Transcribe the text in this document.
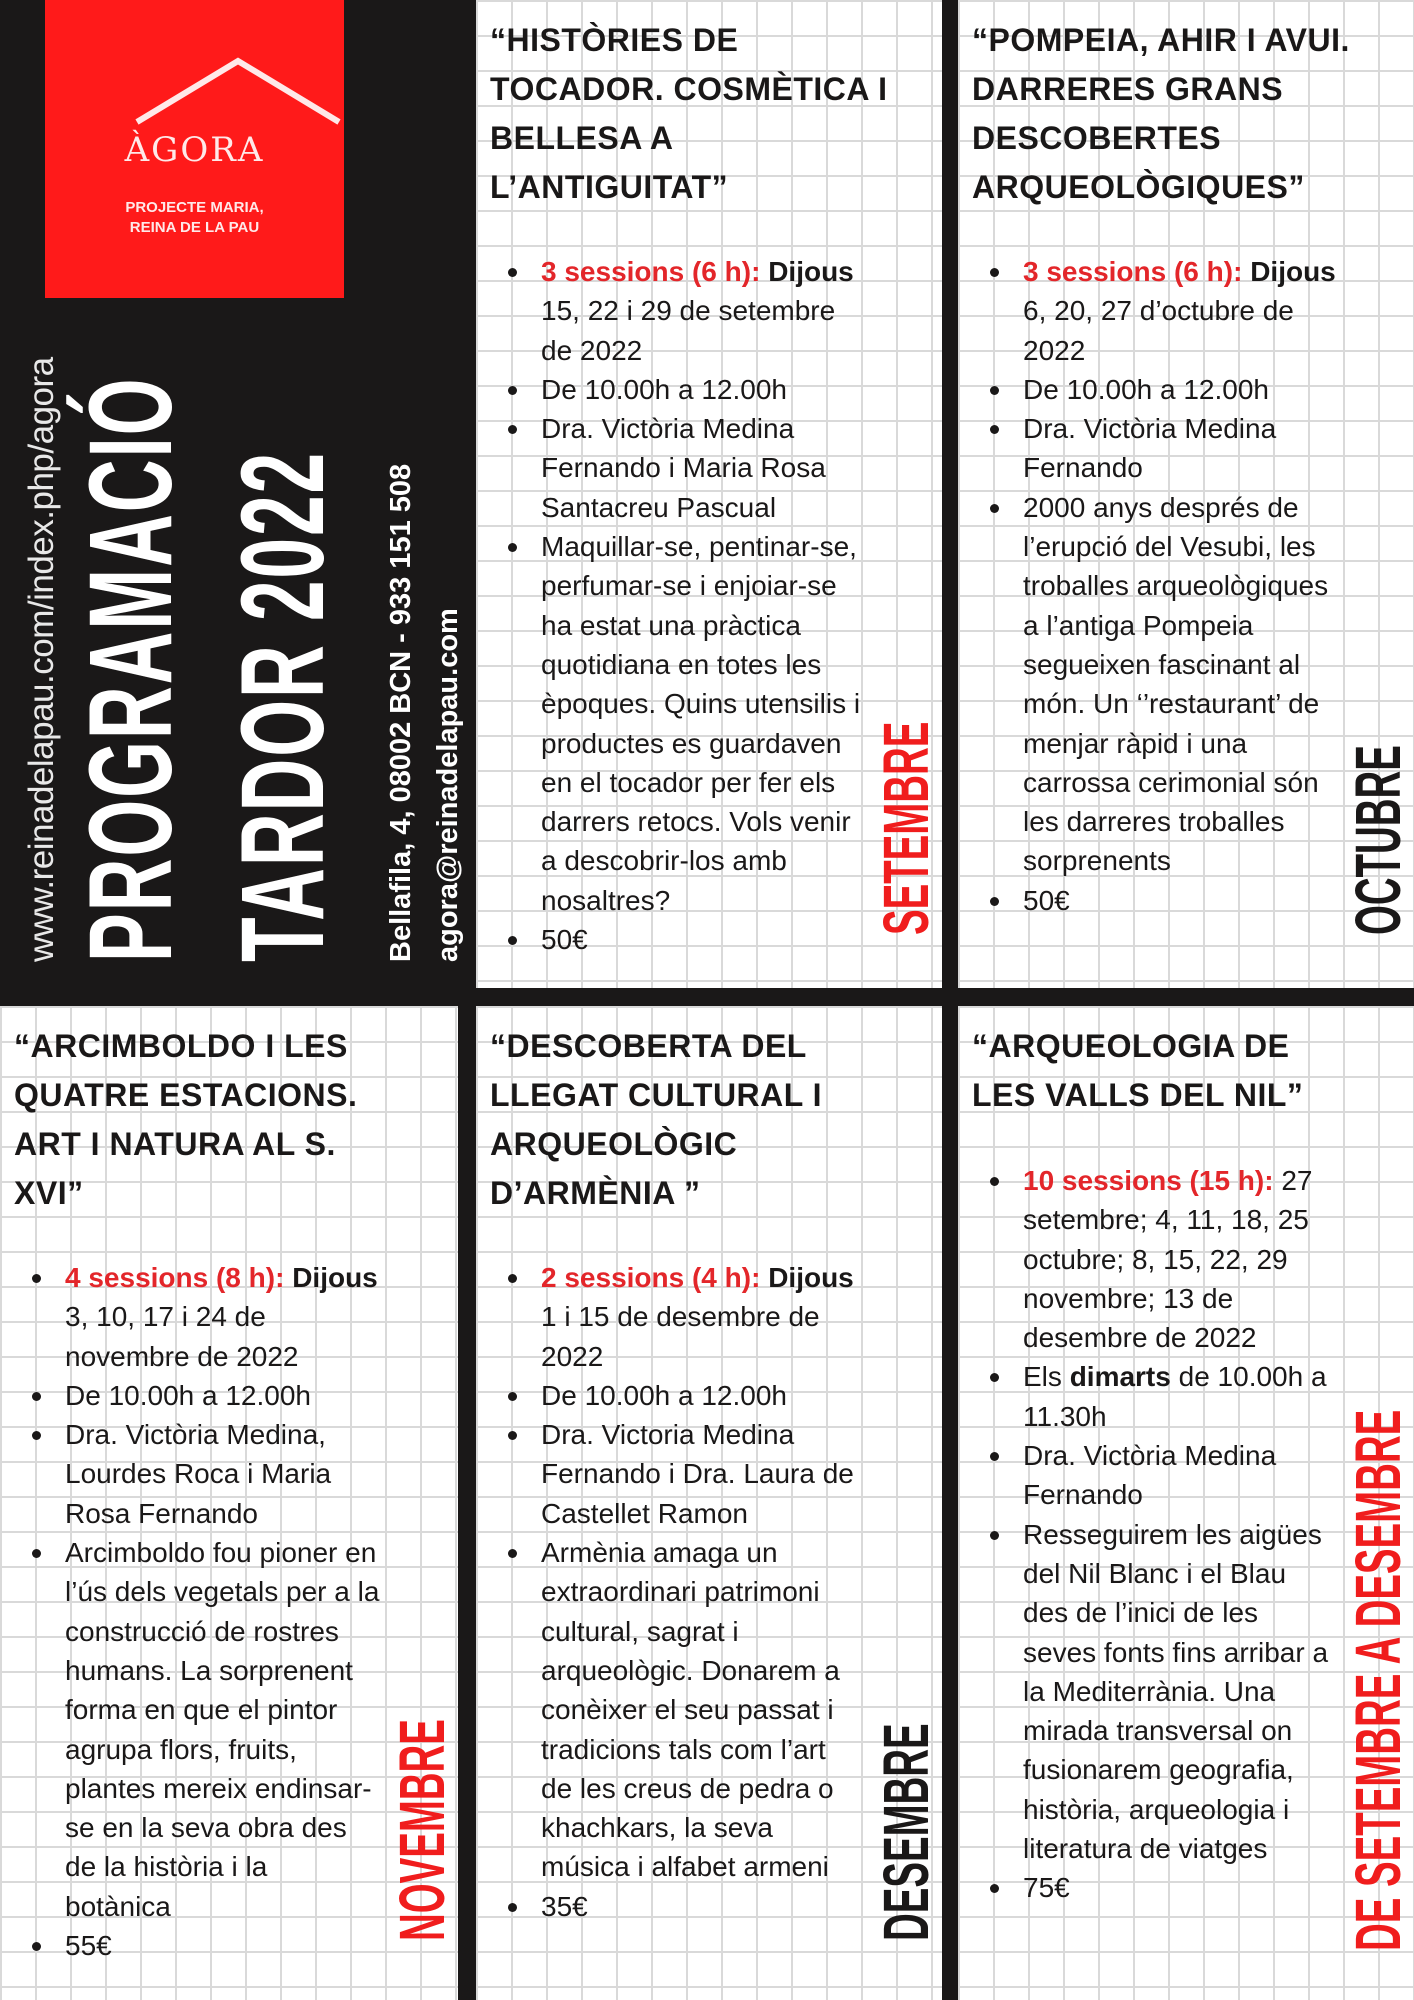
ÀGORA
PROJECTE MARIA,
REINA DE LA PAU
www.reinadelapau.com/index.php/agora PROGRAMACIÓ TARDOR 2022 Bellafila, 4, 08002 BCN - 933 151 508 agora@reinadelapau.com
“HISTÒRIES DE TOCADOR. COSMÈTICA I BELLESA A L’ANTIGUITAT”
3 sessions (6 h): Dijous 15, 22 i 29 de setembre de 2022
De 10.00h a 12.00h
Dra. Victòria Medina Fernando i Maria Rosa Santacreu Pascual
Maquillar-se, pentinar-se, perfumar-se i enjoiar-se ha estat una pràctica quotidiana en totes les èpoques. Quins utensilis i productes es guardaven en el tocador per fer els darrers retocs. Vols venir a descobrir-los amb nosaltres?
50€
SETEMBRE
“POMPEIA, AHIR I AVUI. DARRERES GRANS DESCOBERTES ARQUEOLÒGIQUES”
3 sessions (6 h): Dijous 6, 20, 27 d’octubre de 2022
De 10.00h a 12.00h
Dra. Victòria Medina Fernando
2000 anys després de l’erupció del Vesubi, les troballes arqueològiques a l’antiga Pompeia segueixen fascinant al món. Un ‘’restaurant’ de menjar ràpid i una carrossa cerimonial són les darreres troballes sorprenents
50€	OCTUBRE
“ARCIMBOLDO I LES QUATRE ESTACIONS. ART I NATURA AL S. XVI”
4 sessions (8 h): Dijous 3, 10, 17 i 24 de novembre de 2022
De 10.00h a 12.00h
Dra. Victòria Medina, Lourdes Roca i Maria Rosa Fernando
Arcimboldo fou pioner en l’ús dels vegetals per a la construcció de rostres humans. La sorprenent forma en que el pintor agrupa flors, fruits, plantes mereix endinsar-se en la seva obra des de la història i la botànica
55€
NOVEMBRE
“DESCOBERTA DEL LLEGAT CULTURAL I ARQUEOLÒGIC D’ARMÈNIA ”
2 sessions (4 h): Dijous 1 i 15 de desembre de 2022
De 10.00h a 12.00h
Dra. Victoria Medina Fernando i Dra. Laura de Castellet Ramon
Armènia amaga un extraordinari patrimoni cultural, sagrat i arqueològic. Donarem a conèixer el seu passat i tradicions tals com l’art de les creus de pedra o khachkars, la seva música i alfabet armeni
35€	DESEMBRE
“ARQUEOLOGIA DE LES VALLS DEL NIL”
10 sessions (15 h): 27 setembre; 4, 11, 18, 25 octubre; 8, 15, 22, 29 novembre; 13 de desembre de 2022
Els dimarts de 10.00h a 11.30h
Dra. Victòria Medina Fernando
Resseguirem les aigües del Nil Blanc i el Blau des de l’inici de les seves fonts fins arribar a la Mediterrània. Una mirada transversal on fusionarem geografia, història, arqueologia i literatura de viatges
75€	DE SETEMBRE A DESEMBRE
